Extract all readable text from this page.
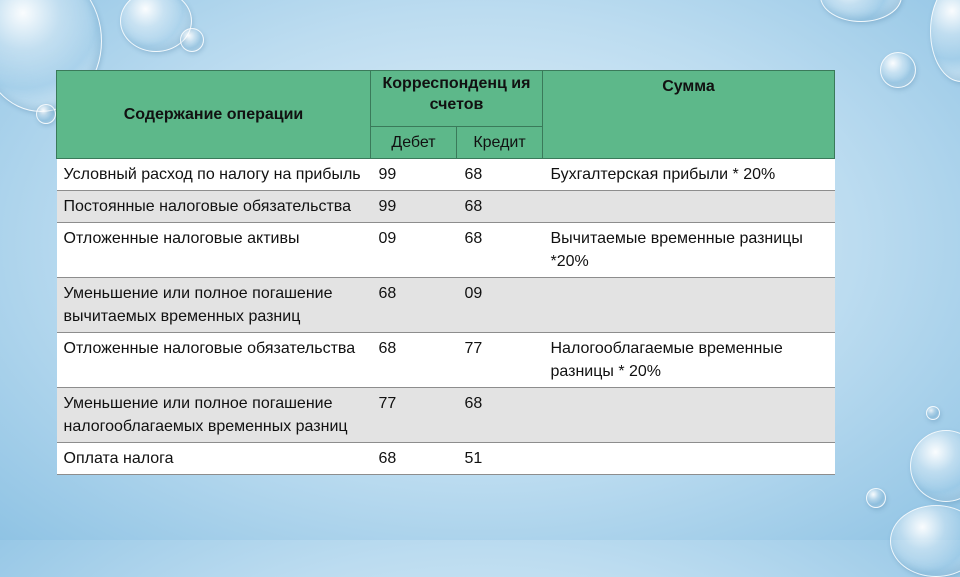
Содержание операции	Корреспонденц ия счетов		Сумма
	Дебет	Кредит	
Условный расход по налогу на прибыль	99	68	Бухгалтерская прибыли * 20%
Постоянные налоговые обязательства	99	68	
Отложенные налоговые активы	09	68	Вычитаемые временные разницы *20%
Уменьшение или полное погашение вычитаемых временных разниц	68	09	
Отложенные налоговые обязательства	68	77	Налогооблагаемые временные разницы * 20%
Уменьшение или полное погашение налогооблагаемых временных разниц	77	68	
Оплата налога	68	51	
